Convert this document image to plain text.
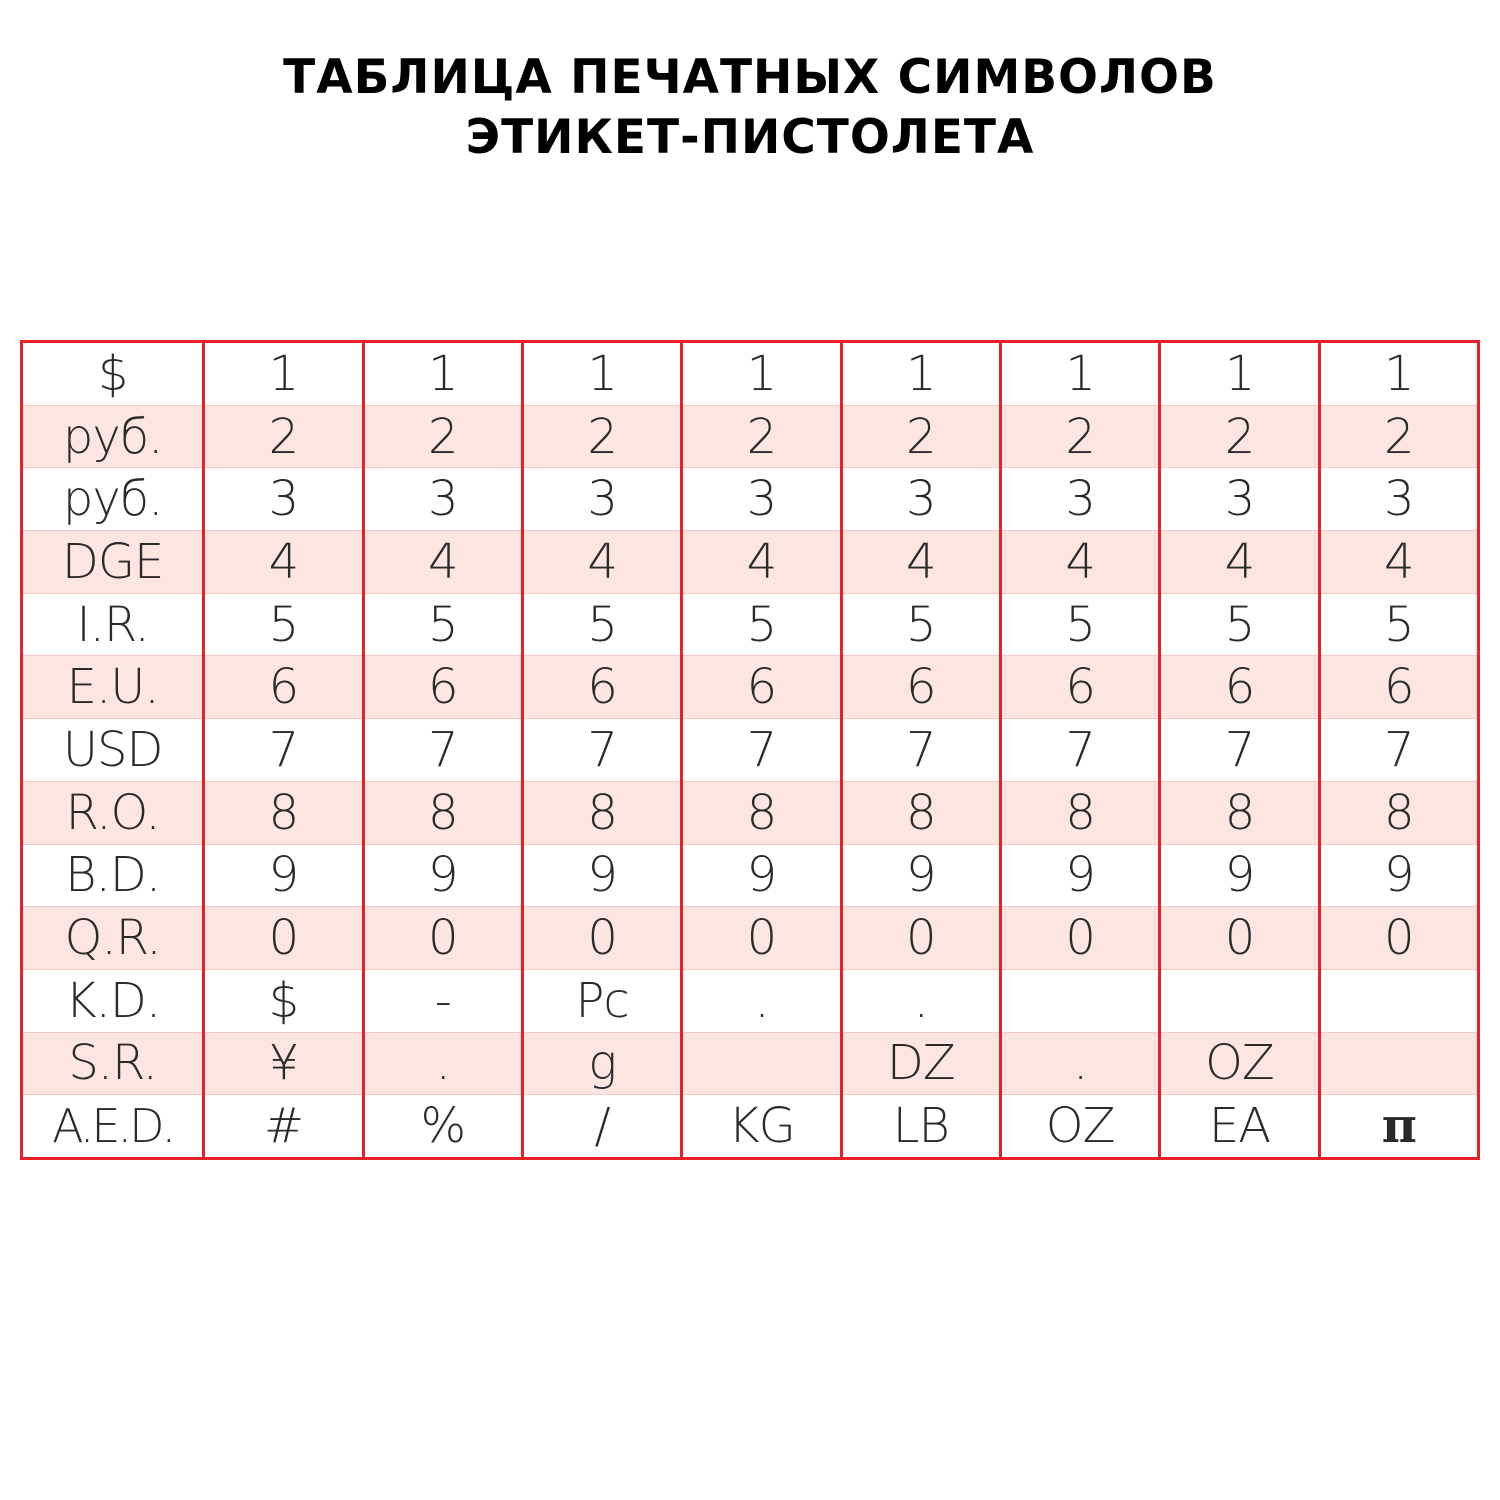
ТАБЛИЦА ПЕЧАТНЫХ СИМВОЛОВ
ЭТИКЕТ-ПИСТОЛЕТА
$
руб.
руб.
DGE
I.R.
E.U.
USD
R.O.
B.D.
Q.R.
K.D.
S.R.
A.E.D.
1
2
3
4
5
6
7
8
9
0
$
¥
#
1
2
3
4
5
6
7
8
9
0
-
.
%
1
2
3
4
5
6
7
8
9
0
Pc
g
/
1
2
3
4
5
6
7
8
9
0
.
KG
1
2
3
4
5
6
7
8
9
0
.
DZ
LB
1
2
3
4
5
6
7
8
9
0
.
OZ
1
2
3
4
5
6
7
8
9
0
OZ
EA
1
2
3
4
5
6
7
8
9
0
π
